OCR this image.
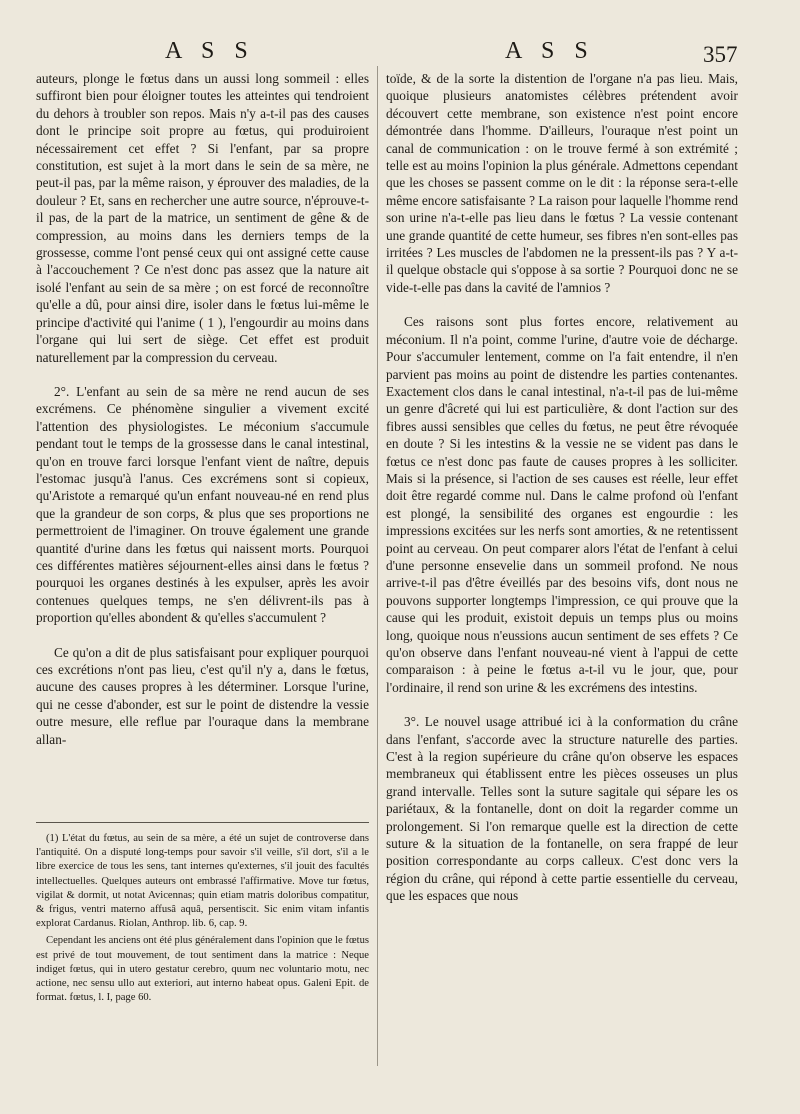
A S S	A S S	357

auteurs, plonge le fœtus dans un aussi long sommeil : elles suffiront bien pour éloigner toutes les atteintes qui tendroient du dehors à troubler son repos. Mais n'y a-t-il pas des causes dont le principe soit propre au fœtus, qui produiroient nécessairement cet effet ? Si l'enfant, par sa propre constitution, est sujet à la mort dans le sein de sa mère, ne peut-il pas, par la même raison, y éprouver des maladies, de la douleur ? Et, sans en rechercher une autre source, n'éprouve-t-il pas, de la part de la matrice, un sentiment de gêne & de compression, au moins dans les derniers temps de la grossesse, comme l'ont pensé ceux qui ont assigné cette cause à l'accouchement ? Ce n'est donc pas assez que la nature ait isolé l'enfant au sein de sa mère ; on est forcé de reconnoître qu'elle a dû, pour ainsi dire, isoler dans le fœtus lui-même le principe d'activité qui l'anime ( 1 ), l'engourdir au moins dans l'organe qui lui sert de siège. Cet effet est produit naturellement par la compression du cerveau.

2°. L'enfant au sein de sa mère ne rend aucun de ses excrémens. Ce phénomène singulier a vivement excité l'attention des physiologistes. Le méconium s'accumule pendant tout le temps de la grossesse dans le canal intestinal, qu'on en trouve farci lorsque l'enfant vient de naître, depuis l'estomac jusqu'à l'anus. Ces excrémens sont si copieux, qu'Aristote a remarqué qu'un enfant nouveau-né en rend plus que la grandeur de son corps, & plus que ses proportions ne permettroient de l'imaginer. On trouve également une grande quantité d'urine dans les fœtus qui naissent morts. Pourquoi ces différentes matières séjournent-elles ainsi dans le fœtus ? pourquoi les organes destinés à les expulser, après les avoir contenues quelques temps, ne s'en délivrent-ils pas à proportion qu'elles abondent & qu'elles s'accumulent ?

Ce qu'on a dit de plus satisfaisant pour expliquer pourquoi ces excrétions n'ont pas lieu, c'est qu'il n'y a, dans le fœtus, aucune des causes propres à les déterminer. Lorsque l'urine, qui ne cesse d'abonder, est sur le point de distendre la vessie outre mesure, elle reflue par l'ouraque dans la membrane allan-

(1) L'état du fœtus, au sein de sa mère, a été un sujet de controverse dans l'antiquité. On a disputé long-temps pour savoir s'il veille, s'il dort, s'il a le libre exercice de tous les sens, tant internes qu'externes, s'il jouit des facultés intellectuelles. Quelques auteurs ont embrassé l'affirmative. Move tur fœtus, vigilat & dormit, ut notat Avicennas; quin etiam matris doloribus compatitur, & frigus, ventri materno affusâ aquâ, persentiscit. Sic enim vitam infantis explorat Cardanus. Riolan, Anthrop. lib. 6, cap. 9.

Cependant les anciens ont été plus généralement dans l'opinion que le fœtus est privé de tout mouvement, de tout sentiment dans la matrice : Neque indiget fœtus, qui in utero gestatur cerebro, quum nec voluntario motu, nec actione, nec sensu ullo aut exteriori, aut interno habeat opus. Galeni Epit. de format. fœtus, l. I, page 60.

toïde, & de la sorte la distention de l'organe n'a pas lieu. Mais, quoique plusieurs anatomistes célèbres prétendent avoir découvert cette membrane, son existence n'est point encore démontrée dans l'homme. D'ailleurs, l'ouraque n'est point un canal de communication : on le trouve fermé à son extrémité ; telle est au moins l'opinion la plus générale. Admettons cependant que les choses se passent comme on le dit : la réponse sera-t-elle même encore satisfaisante ? La raison pour laquelle l'homme rend son urine n'a-t-elle pas lieu dans le fœtus ? La vessie contenant une grande quantité de cette humeur, ses fibres n'en sont-elles pas irritées ? Les muscles de l'abdomen ne la pressent-ils pas ? Y a-t-il quelque obstacle qui s'oppose à sa sortie ? Pourquoi donc ne se vide-t-elle pas dans la cavité de l'amnios ?

Ces raisons sont plus fortes encore, relativement au méconium. Il n'a point, comme l'urine, d'autre voie de décharge. Pour s'accumuler lentement, comme on l'a fait entendre, il n'en parvient pas moins au point de distendre les parties contenantes. Exactement clos dans le canal intestinal, n'a-t-il pas de lui-même un genre d'âcreté qui lui est particulière, & dont l'action sur des fibres aussi sensibles que celles du fœtus, ne peut être révoquée en doute ? Si les intestins & la vessie ne se vident pas dans le fœtus ce n'est donc pas faute de causes propres à les solliciter. Mais si la présence, si l'action de ses causes est réelle, leur effet doit être regardé comme nul. Dans le calme profond où l'enfant est plongé, la sensibilité des organes est engourdie : les impressions excitées sur les nerfs sont amorties, & ne retentissent point au cerveau. On peut comparer alors l'état de l'enfant à celui d'une personne ensevelie dans un sommeil profond. Ne nous arrive-t-il pas d'être éveillés par des besoins vifs, dont nous ne pouvons supporter longtemps l'impression, ce qui prouve que la cause qui les produit, existoit depuis un temps plus ou moins long, quoique nous n'eussions aucun sentiment de ses effets ? Ce qu'on observe dans l'enfant nouveau-né vient à l'appui de cette comparaison : à peine le fœtus a-t-il vu le jour, que, pour l'ordinaire, il rend son urine & les excrémens des intestins.

3°. Le nouvel usage attribué ici à la conformation du crâne dans l'enfant, s'accorde avec la structure naturelle des parties. C'est à la region supérieure du crâne qu'on observe les espaces membraneux qui établissent entre les pièces osseuses un plus grand intervalle. Telles sont la suture sagitale qui sépare les os pariétaux, & la fontanelle, dont on doit la regarder comme un prolongement. Si l'on remarque quelle est la direction de cette suture & la situation de la fontanelle, on sera frappé de leur position correspondante au corps calleux. C'est donc vers la région du crâne, qui répond à cette partie essentielle du cerveau, que les espaces que nous
